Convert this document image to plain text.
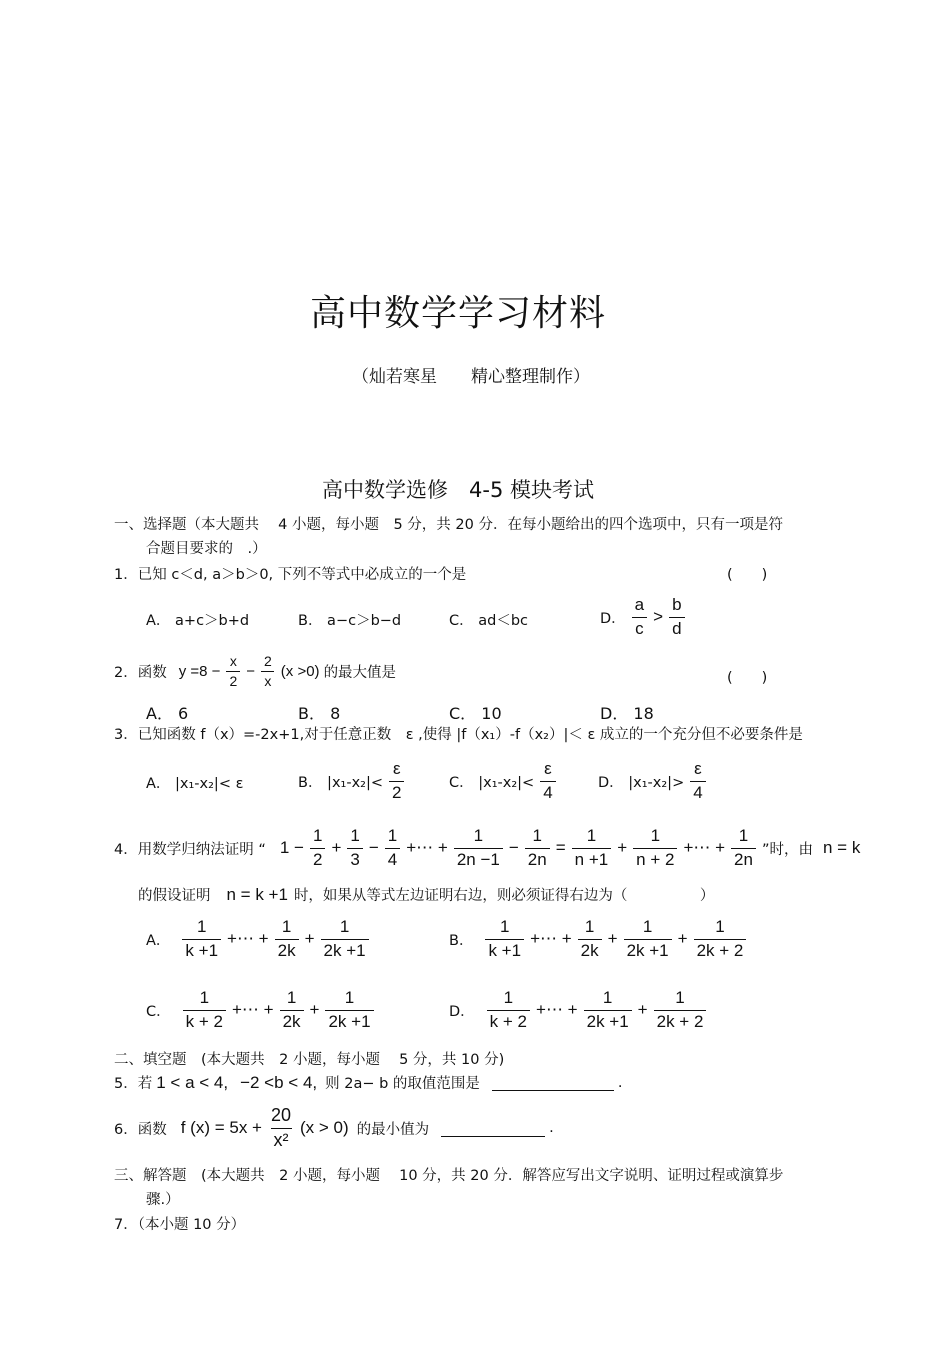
高中数学学习材料
（灿若寒星　　精心整理制作）
高中数学选修　4-5 模块考试
一、选择题（本大题共　 4 小题，每小题　5 分，共 20 分．在每小题给出的四个选项中，只有一项是符
合题目要求的　.）
1．已知 c＜d, a＞b＞0, 下列不等式中必成立的一个是	(　　)
A． a+c＞b+d	B． a−c＞b−d	C． ad＜bc	D． $\frac{a}{c} > \frac{b}{d}$
2．函数 $y =8 - \frac{x}{2} - \frac{2}{x} (x >0)$ 的最大值是	(　　)
A． 6	B． 8	C． 10	D． 18
3．已知函数 f（x）=-2x+1,对于任意正数　ε ,使得 |f（x₁）-f（x₂）|＜ ε 成立的一个充分但不必要条件是
A． |x₁-x₂|< ε	B． $|x_1-x_2|< \frac{\varepsilon}{2}$	C． $|x_1-x_2|< \frac{\varepsilon}{4}$	D． $|x_1-x_2|> \frac{\varepsilon}{4}$
4．用数学归纳法证明 “ $1 - \frac{1}{2} + \frac{1}{3} - \frac{1}{4}$ +⋯ + $\frac{1}{2n -1} - \frac{1}{2n} = \frac{1}{n +1} + \frac{1}{n + 2}$ +⋯ + $\frac{1}{2n}$ ”时，由 n = k
的假设证明 n = k +1 时，如果从等式左边证明右边，则必须证得右边为（　　　　　）
A． $\frac{1}{k +1}$ +⋯ + $\frac{1}{2k} + \frac{1}{2k +1}$	B． $\frac{1}{k +1}$ +⋯ + $\frac{1}{2k} + \frac{1}{2k +1} + \frac{1}{2k + 2}$
C． $\frac{1}{k + 2}$ +⋯ + $\frac{1}{2k} + \frac{1}{2k +1}$	D． $\frac{1}{k + 2}$ +⋯ + $\frac{1}{2k +1} + \frac{1}{2k + 2}$
二、填空题　(本大题共　2 小题，每小题　 5 分，共 10 分)
5．若 1 < a < 4, −2 <b < 4, 则 2a− b 的取值范围是	.
6．函数 f $(x) = 5x + \frac{20}{\text{x²}} (x > 0)$ 的最小值为	.
三、解答题　(本大题共　2 小题，每小题　 10 分，共 20 分．解答应写出文字说明、证明过程或演算步
骤.）
7．（本小题 10 分）
